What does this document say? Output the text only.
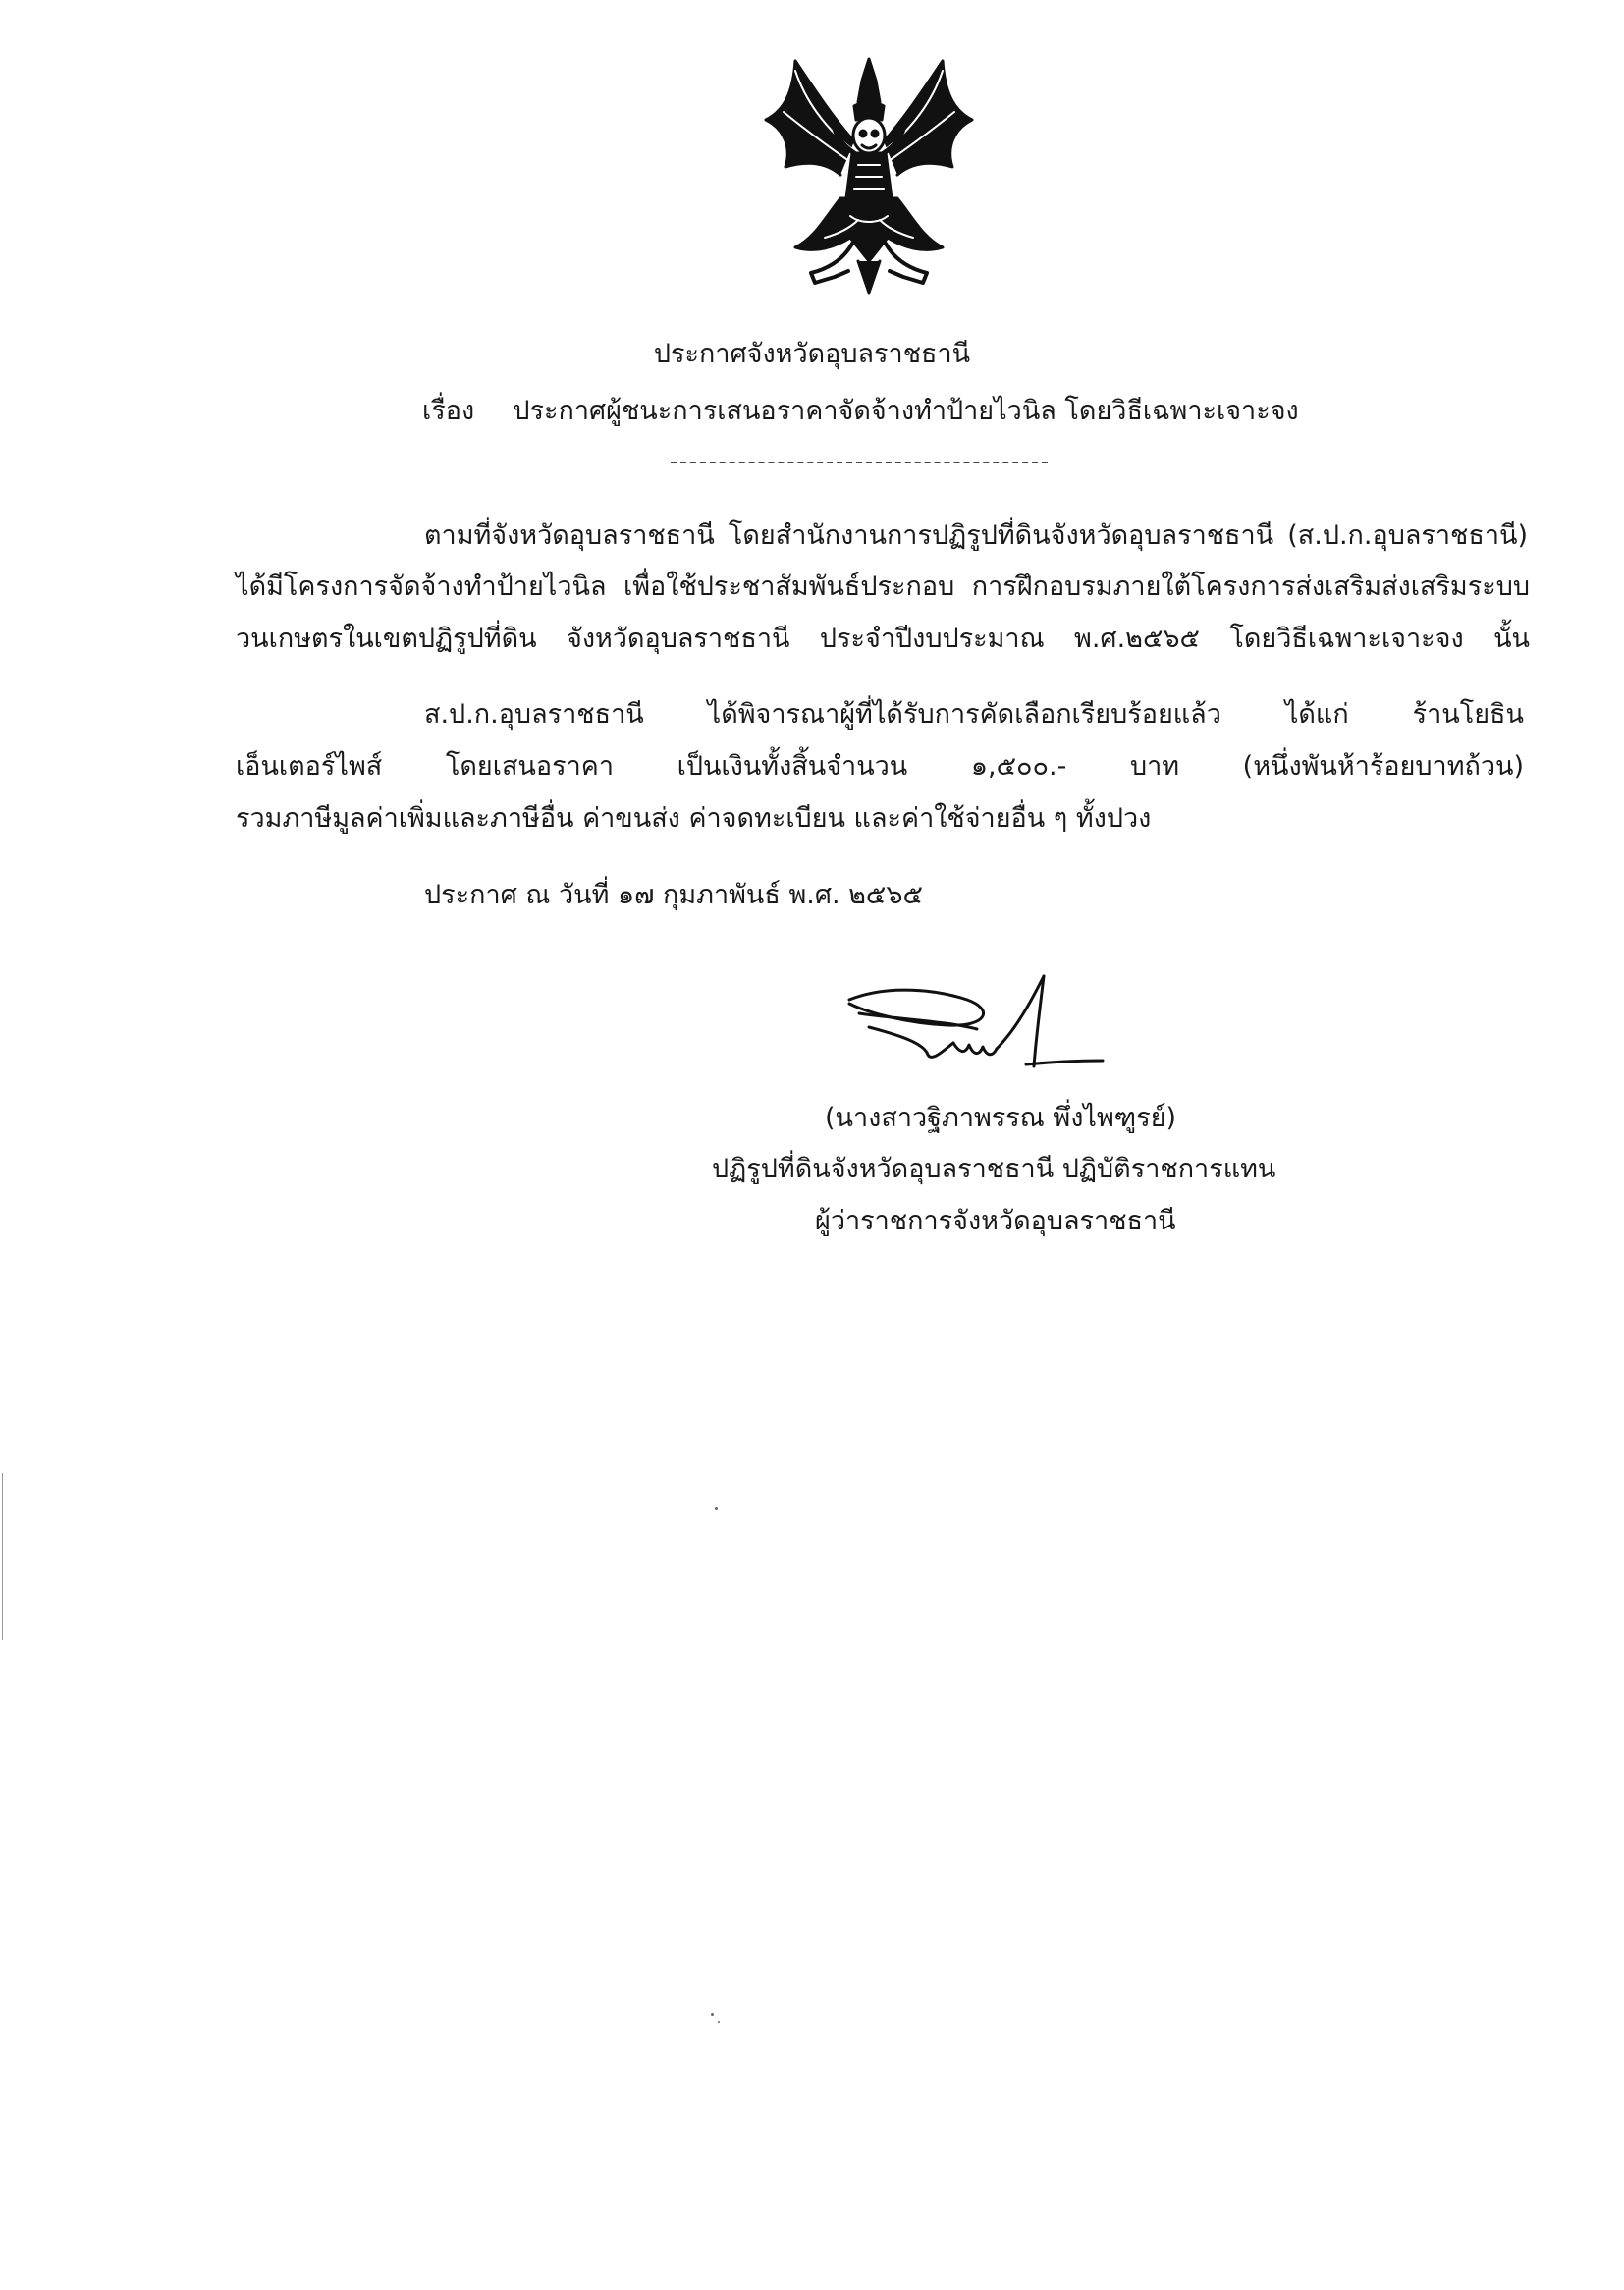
ประกาศจังหวัดอุบลราชธานี
เรื่อง ประกาศผู้ชนะการเสนอราคาจัดจ้างทำป้ายไวนิล โดยวิธีเฉพาะเจาะจง
ตามที่จังหวัดอุบลราชธานี โดยสำนักงานการปฏิรูปที่ดินจังหวัดอุบลราชธานี (ส.ป.ก.อุบลราชธานี)
ได้มีโครงการจัดจ้างทำป้ายไวนิล เพื่อใช้ประชาสัมพันธ์ประกอบ การฝึกอบรมภายใต้โครงการส่งเสริมส่งเสริมระบบ
วนเกษตรในเขตปฏิรูปที่ดิน จังหวัดอุบลราชธานี ประจำปีงบประมาณ พ.ศ.๒๕๖๕ โดยวิธีเฉพาะเจาะจง นั้น
ส.ป.ก.อุบลราชธานี ได้พิจารณาผู้ที่ได้รับการคัดเลือกเรียบร้อยแล้ว ได้แก่ ร้านโยธิน
เอ็นเตอร์ไพส์ โดยเสนอราคา เป็นเงินทั้งสิ้นจำนวน ๑,๕๐๐.- บาท (หนึ่งพันห้าร้อยบาทถ้วน)
รวมภาษีมูลค่าเพิ่มและภาษีอื่น ค่าขนส่ง ค่าจดทะเบียน และค่าใช้จ่ายอื่น ๆ ทั้งปวง
ประกาศ ณ วันที่ ๑๗ กุมภาพันธ์ พ.ศ. ๒๕๖๕
(นางสาวฐิภาพรรณ พึ่งไพฑูรย์)
ปฏิรูปที่ดินจังหวัดอุบลราชธานี ปฏิบัติราชการแทน
ผู้ว่าราชการจังหวัดอุบลราชธานี
